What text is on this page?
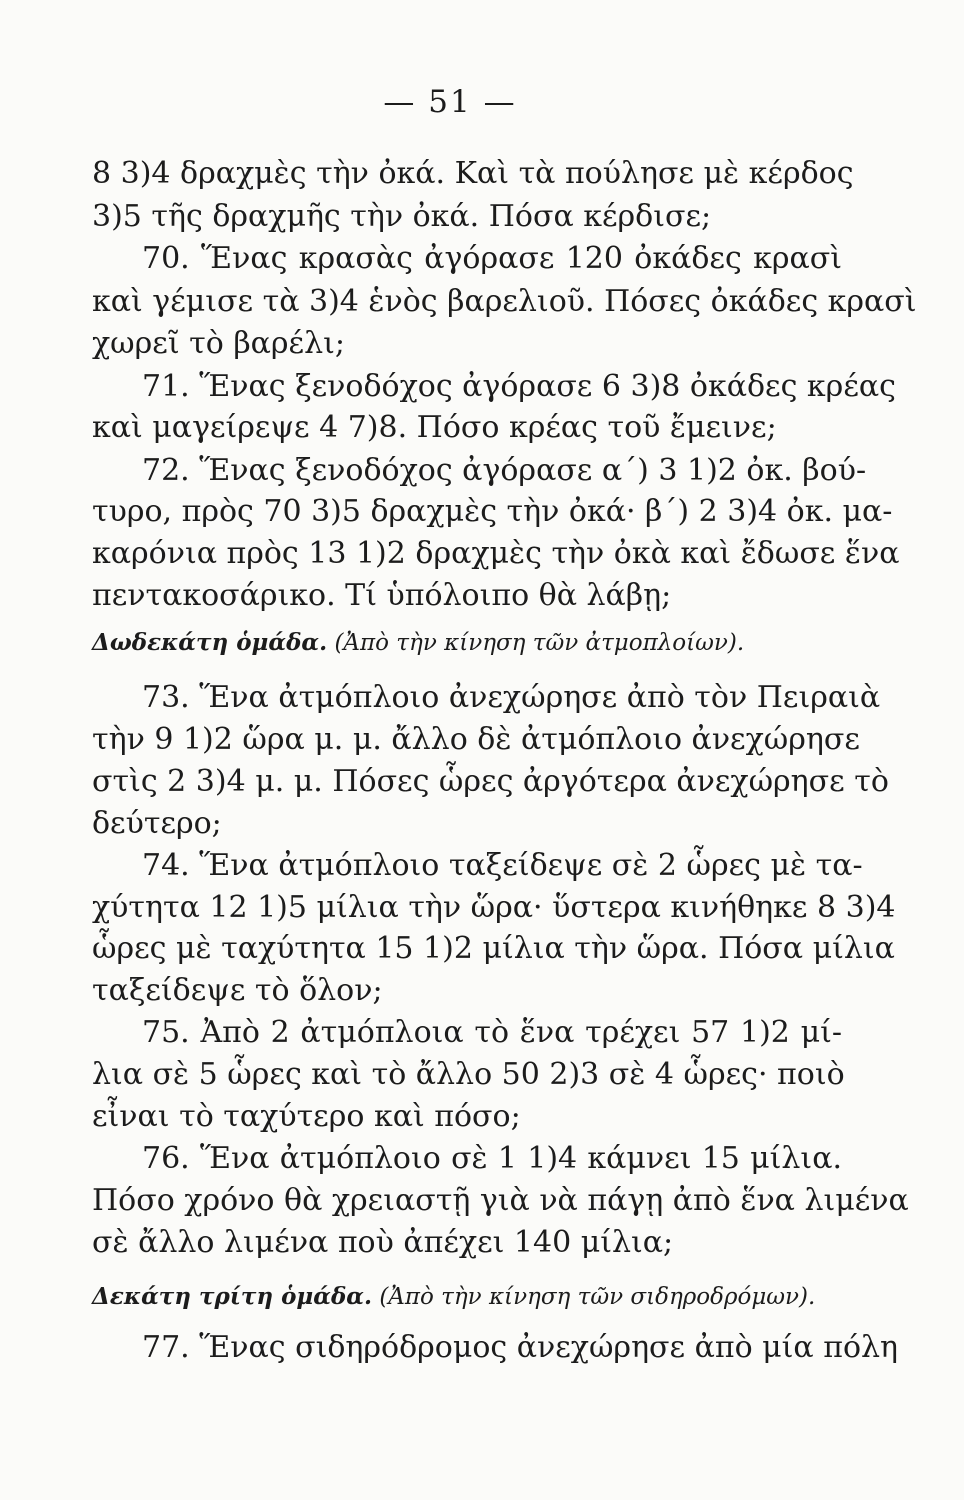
— 51 —
8 3)4 δραχμὲς τὴν ὀκά. Καὶ τὰ πούλησε μὲ κέρδος
3)5 τῆς δραχμῆς τὴν ὀκά. Πόσα κέρδισε;
70. Ἕνας κρασὰς ἀγόρασε 120 ὀκάδες κρασὶ
καὶ γέμισε τὰ 3)4 ἑνὸς βαρελιοῦ. Πόσες ὀκάδες κρασὶ
χωρεῖ τὸ βαρέλι;
71. Ἕνας ξενοδόχος ἀγόρασε 6 3)8 ὀκάδες κρέας
καὶ μαγείρεψε 4 7)8. Πόσο κρέας τοῦ ἔμεινε;
72. Ἕνας ξενοδόχος ἀγόρασε α΄) 3 1)2 ὀκ. βού-
τυρο, πρὸς 70 3)5 δραχμὲς τὴν ὀκά· β΄) 2 3)4 ὀκ. μα-
καρόνια πρὸς 13 1)2 δραχμὲς τὴν ὀκὰ καὶ ἔδωσε ἕνα
πεντακοσάρικο. Τί ὑπόλοιπο θὰ λάβῃ;
Δωδεκάτη ὁμάδα. (Ἀπὸ τὴν κίνηση τῶν ἀτμοπλοίων).
73. Ἕνα ἀτμόπλοιο ἀνεχώρησε ἀπὸ τὸν Πειραιὰ
τὴν 9 1)2 ὥρα μ. μ. ἄλλο δὲ ἀτμόπλοιο ἀνεχώρησε
στὶς 2 3)4 μ. μ. Πόσες ὧρες ἀργότερα ἀνεχώρησε τὸ
δεύτερο;
74. Ἕνα ἀτμόπλοιο ταξείδεψε σὲ 2 ὧρες μὲ τα-
χύτητα 12 1)5 μίλια τὴν ὥρα· ὕστερα κινήθηκε 8 3)4
ὧρες μὲ ταχύτητα 15 1)2 μίλια τὴν ὥρα. Πόσα μίλια
ταξείδεψε τὸ ὅλον;
75. Ἀπὸ 2 ἀτμόπλοια τὸ ἕνα τρέχει 57 1)2 μί-
λια σὲ 5 ὧρες καὶ τὸ ἄλλο 50 2)3 σὲ 4 ὧρες· ποιὸ
εἶναι τὸ ταχύτερο καὶ πόσο;
76. Ἕνα ἀτμόπλοιο σὲ 1 1)4 κάμνει 15 μίλια.
Πόσο χρόνο θὰ χρειαστῇ γιὰ νὰ πάγῃ ἀπὸ ἕνα λιμένα
σὲ ἄλλο λιμένα ποὺ ἀπέχει 140 μίλια;
Δεκάτη τρίτη ὁμάδα. (Ἀπὸ τὴν κίνηση τῶν σιδηροδρόμων).
77. Ἕνας σιδηρόδρομος ἀνεχώρησε ἀπὸ μία πόλη
